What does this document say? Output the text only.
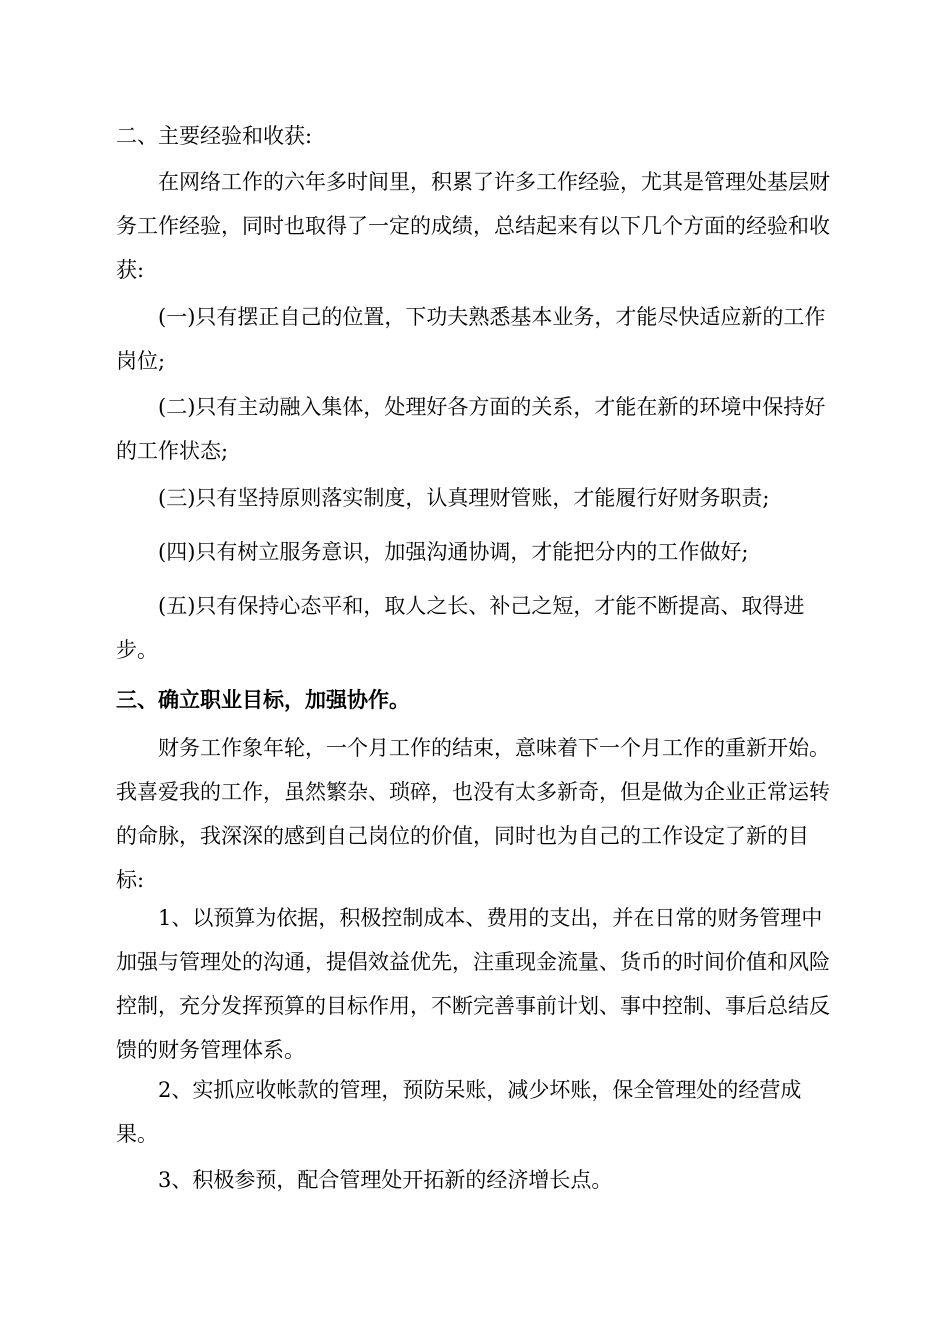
二、主要经验和收获:

在网络工作的六年多时间里，积累了许多工作经验，尤其是管理处基层财务工作经验，同时也取得了一定的成绩，总结起来有以下几个方面的经验和收获:

(一)只有摆正自己的位置，下功夫熟悉基本业务，才能尽快适应新的工作岗位;

(二)只有主动融入集体，处理好各方面的关系，才能在新的环境中保持好的工作状态;

(三)只有坚持原则落实制度，认真理财管账，才能履行好财务职责;

(四)只有树立服务意识，加强沟通协调，才能把分内的工作做好;

(五)只有保持心态平和，取人之长、补己之短，才能不断提高、取得进步。

三、确立职业目标，加强协作。

财务工作象年轮，一个月工作的结束，意味着下一个月工作的重新开始。我喜爱我的工作，虽然繁杂、琐碎，也没有太多新奇，但是做为企业正常运转的命脉，我深深的感到自己岗位的价值，同时也为自己的工作设定了新的目标:

1、以预算为依据，积极控制成本、费用的支出，并在日常的财务管理中加强与管理处的沟通，提倡效益优先，注重现金流量、货币的时间价值和风险控制，充分发挥预算的目标作用，不断完善事前计划、事中控制、事后总结反馈的财务管理体系。

2、实抓应收帐款的管理，预防呆账，减少坏账，保全管理处的经营成果。

3、积极参预，配合管理处开拓新的经济增长点。
